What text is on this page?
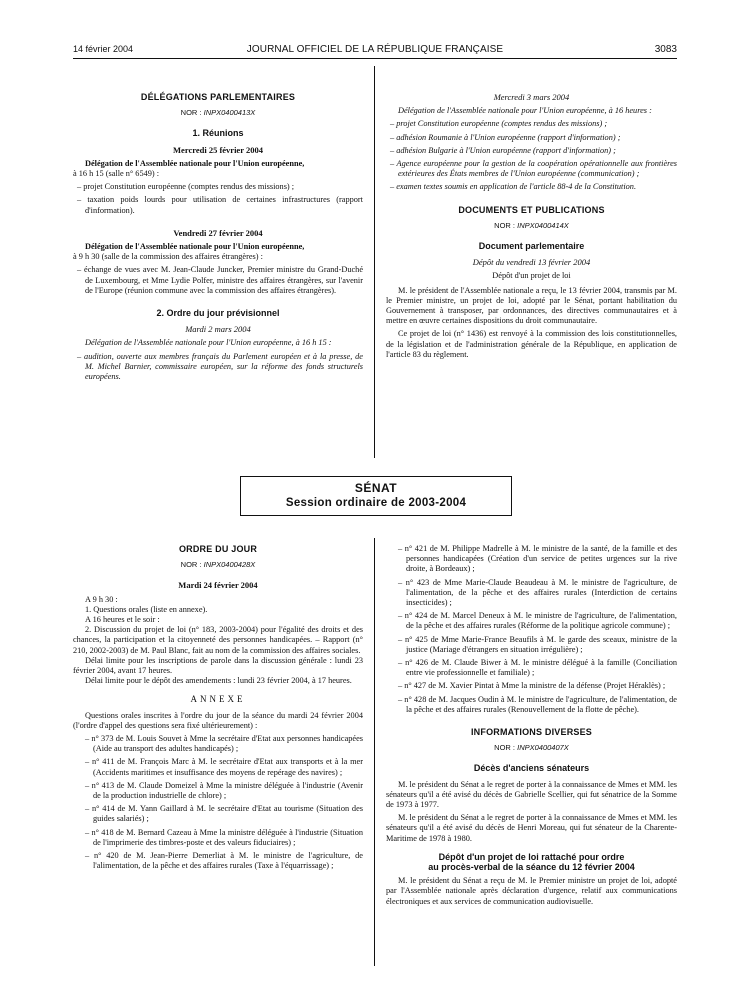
14 février 2004	JOURNAL OFFICIEL DE LA RÉPUBLIQUE FRANÇAISE	3083
DÉLÉGATIONS PARLEMENTAIRES
NOR : INPX0400413X
1. Réunions
Mercredi 25 février 2004

Délégation de l'Assemblée nationale pour l'Union européenne,
à 16 h 15 (salle n° 6549) :

– projet Constitution européenne (comptes rendus des missions) ;

– taxation poids lourds pour utilisation de certaines infrastructures (rapport d'information).

Vendredi 27 février 2004

Délégation de l'Assemblée nationale pour l'Union européenne,
à 9 h 30 (salle de la commission des affaires étrangères) :

– échange de vues avec M. Jean-Claude Juncker, Premier ministre du Grand-Duché de Luxembourg, et Mme Lydie Polfer, ministre des affaires étrangères, sur l'avenir de l'Europe (réunion commune avec la commission des affaires étrangères).

2. Ordre du jour prévisionnel
Mardi 2 mars 2004

Délégation de l'Assemblée nationale pour l'Union européenne, à 16 h 15 :

– audition, ouverte aux membres français du Parlement européen et à la presse, de M. Michel Barnier, commissaire européen, sur la réforme des fonds structurels européens.

Mercredi 3 mars 2004

Délégation de l'Assemblée nationale pour l'Union européenne, à 16 heures :

– projet Constitution européenne (comptes rendus des missions) ;

– adhésion Roumanie à l'Union européenne (rapport d'information) ;

– adhésion Bulgarie à l'Union européenne (rapport d'information) ;

– Agence européenne pour la gestion de la coopération opérationnelle aux frontières extérieures des États membres de l'Union européenne (communication) ;

– examen textes soumis en application de l'article 88-4 de la Constitution.

DOCUMENTS ET PUBLICATIONS
NOR : INPX0400414X
Document parlementaire
Dépôt du vendredi 13 février 2004
Dépôt d'un projet de loi

M. le président de l'Assemblée nationale a reçu, le 13 février 2004, transmis par M. le Premier ministre, un projet de loi, adopté par le Sénat, portant habilitation du Gouvernement à transposer, par ordonnances, des directives communautaires et à mettre en œuvre certaines dispositions du droit communautaire.

Ce projet de loi (n° 1436) est renvoyé à la commission des lois constitutionnelles, de la législation et de l'administration générale de la République, en application de l'article 83 du règlement.

SÉNAT
Session ordinaire de 2003-2004
ORDRE DU JOUR
NOR : INPX0400428X
Mardi 24 février 2004

A 9 h 30 :

1. Questions orales (liste en annexe).

A 16 heures et le soir :

2. Discussion du projet de loi (n° 183, 2003-2004) pour l'égalité des droits et des chances, la participation et la citoyenneté des personnes handicapées. – Rapport (n° 210, 2002-2003) de M. Paul Blanc, fait au nom de la commission des affaires sociales.

Délai limite pour les inscriptions de parole dans la discussion générale : lundi 23 février 2004, avant 17 heures.

Délai limite pour le dépôt des amendements : lundi 23 février 2004, à 17 heures.

ANNEXE

Questions orales inscrites à l'ordre du jour de la séance du mardi 24 février 2004 (l'ordre d'appel des questions sera fixé ultérieurement) :

– n° 373 de M. Louis Souvet à Mme la secrétaire d'Etat aux personnes handicapées (Aide au transport des adultes handicapés) ;

– n° 411 de M. François Marc à M. le secrétaire d'Etat aux transports et à la mer (Accidents maritimes et insuffisance des moyens de repérage des navires) ;

– n° 413 de M. Claude Domeizel à Mme la ministre déléguée à l'industrie (Avenir de la production industrielle de chlore) ;

– n° 414 de M. Yann Gaillard à M. le secrétaire d'Etat au tourisme (Situation des guides salariés) ;

– n° 418 de M. Bernard Cazeau à Mme la ministre déléguée à l'industrie (Situation de l'imprimerie des timbres-poste et des valeurs fiduciaires) ;

– n° 420 de M. Jean-Pierre Demerliat à M. le ministre de l'agriculture, de l'alimentation, de la pêche et des affaires rurales (Taxe à l'équarrissage) ;

– n° 421 de M. Philippe Madrelle à M. le ministre de la santé, de la famille et des personnes handicapées (Création d'un service de petites urgences sur la rive droite, à Bordeaux) ;

– n° 423 de Mme Marie-Claude Beaudeau à M. le ministre de l'agriculture, de l'alimentation, de la pêche et des affaires rurales (Interdiction de certains insecticides) ;

– n° 424 de M. Marcel Deneux à M. le ministre de l'agriculture, de l'alimentation, de la pêche et des affaires rurales (Réforme de la politique agricole commune) ;

– n° 425 de Mme Marie-France Beaufils à M. le garde des sceaux, ministre de la justice (Mariage d'étrangers en situation irrégulière) ;

– n° 426 de M. Claude Biwer à M. le ministre délégué à la famille (Conciliation entre vie professionnelle et familiale) ;

– n° 427 de M. Xavier Pintat à Mme la ministre de la défense (Projet Héraklès) ;

– n° 428 de M. Jacques Oudin à M. le ministre de l'agriculture, de l'alimentation, de la pêche et des affaires rurales (Renouvellement de la flotte de pêche).

INFORMATIONS DIVERSES
NOR : INPX0400407X
Décès d'anciens sénateurs

M. le président du Sénat a le regret de porter à la connaissance de Mmes et MM. les sénateurs qu'il a été avisé du décès de Gabrielle Scellier, qui fut sénatrice de la Somme de 1973 à 1977.

M. le président du Sénat a le regret de porter à la connaissance de Mmes et MM. les sénateurs qu'il a été avisé du décès de Henri Moreau, qui fut sénateur de la Charente-Maritime de 1978 à 1980.

Dépôt d'un projet de loi rattaché pour ordre
au procès-verbal de la séance du 12 février 2004

M. le président du Sénat a reçu de M. le Premier ministre un projet de loi, adopté par l'Assemblée nationale après déclaration d'urgence, relatif aux communications électroniques et aux services de communication audiovisuelle.
